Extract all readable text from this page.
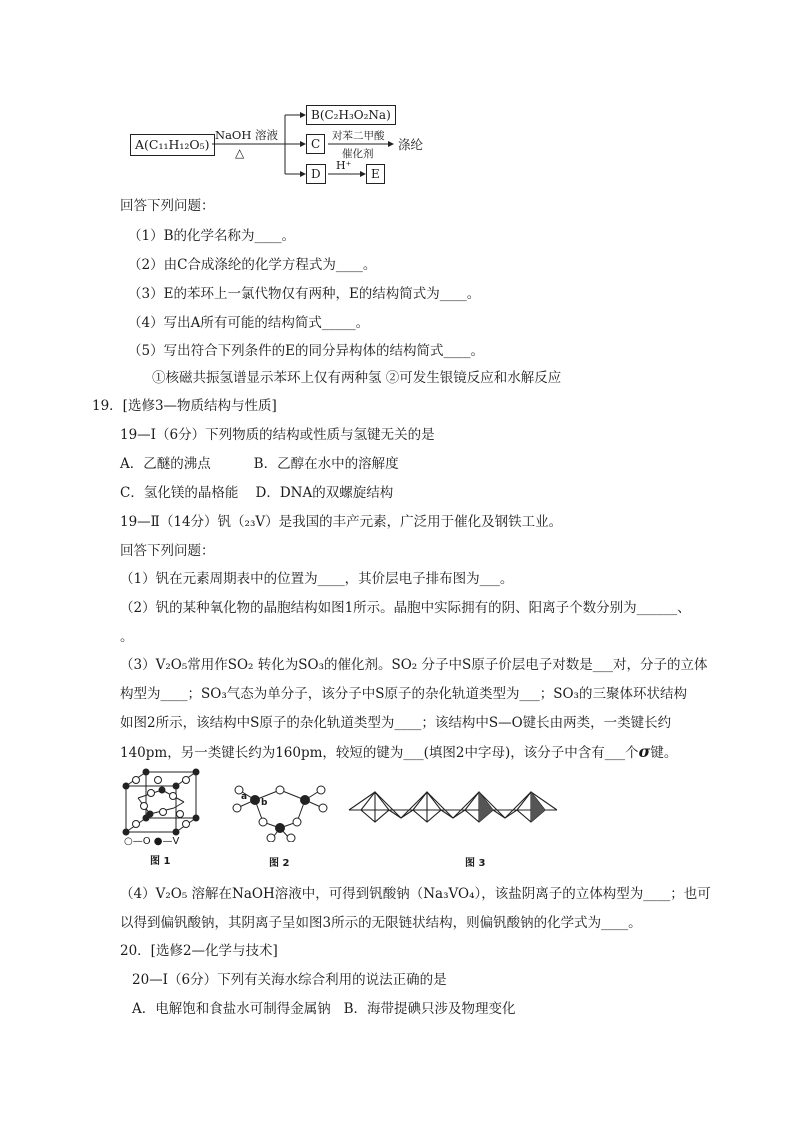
A(C₁₁H₁₂O₅)
NaOH 溶液
△
B(C₂H₃O₂Na)
C
D
对苯二甲酸
催化剂
涤纶
H⁺
E
回答下列问题：
（1）B的化学名称为____。
（2）由C合成涤纶的化学方程式为____。
（3）E的苯环上一氯代物仅有两种，E的结构简式为____。
（4）写出A所有可能的结构简式_____。
（5）写出符合下列条件的E的同分异构体的结构简式____。
①核磁共振氢谱显示苯环上仅有两种氢 ②可发生银镜反应和水解反应
19．[选修3—物质结构与性质]
19—Ⅰ（6分）下列物质的结构或性质与氢键无关的是
A．乙醚的沸点          B．乙醇在水中的溶解度
C．氢化镁的晶格能    D．DNA的双螺旋结构
19—Ⅱ（14分）钒（₂₃V）是我国的丰产元素，广泛用于催化及钢铁工业。
回答下列问题：
（1）钒在元素周期表中的位置为____，其价层电子排布图为___。
（2）钒的某种氧化物的晶胞结构如图1所示。晶胞中实际拥有的阴、阳离子个数分别为______、
。
（3）V₂O₅常用作SO₂ 转化为SO₃的催化剂。SO₂ 分子中S原子价层电子对数是___对，分子的立体
构型为____；SO₃气态为单分子，该分子中S原子的杂化轨道类型为___；SO₃的三聚体环状结构
如图2所示，该结构中S原子的杂化轨道类型为____；该结构中S—O键长由两类，一类键长约
140pm，另一类键长约为160pm，较短的键为___(填图2中字母)，该分子中含有___个σ键。
○—O ●—V
图 1
a
b
图 2	图 3
（4）V₂O₅ 溶解在NaOH溶液中，可得到钒酸钠（Na₃VO₄），该盐阴离子的立体构型为____；也可
以得到偏钒酸钠，其阴离子呈如图3所示的无限链状结构，则偏钒酸钠的化学式为____。
20．[选修2—化学与技术]
20—Ⅰ（6分）下列有关海水综合利用的说法正确的是
A．电解饱和食盐水可制得金属钠   B．海带提碘只涉及物理变化
